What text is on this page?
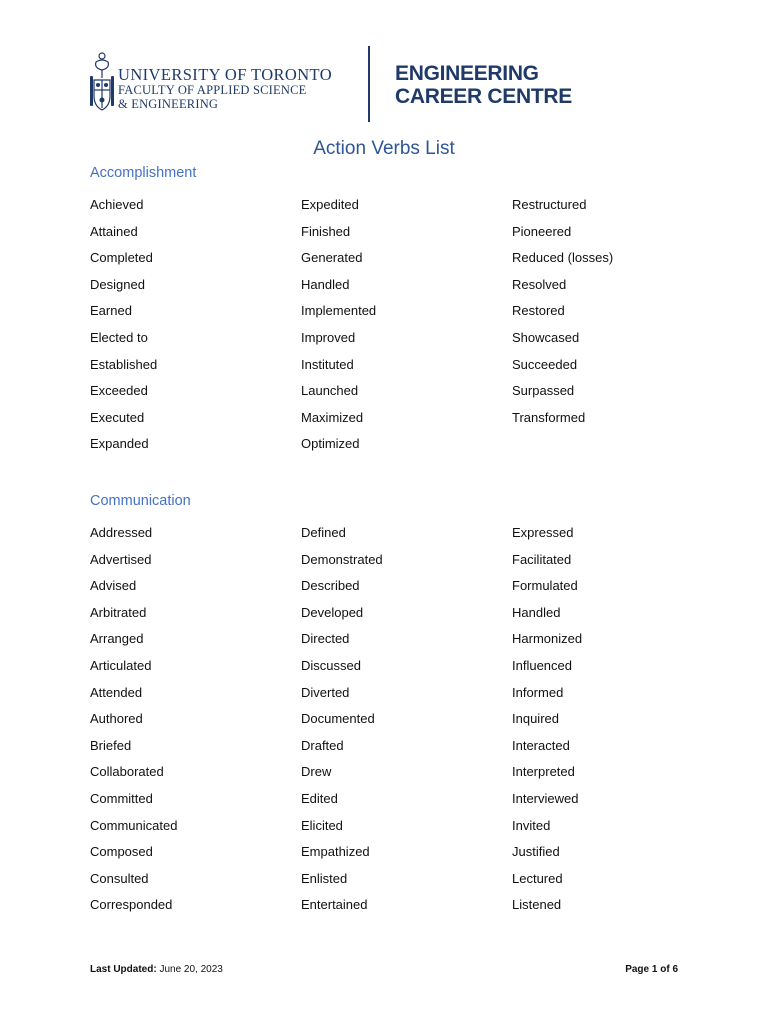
UNIVERSITY OF TORONTO
FACULTY OF APPLIED SCIENCE
& ENGINEERING
ENGINEERING
CAREER CENTRE
Action Verbs List
Accomplishment
Achieved
Attained
Completed
Designed
Earned
Elected to
Established
Exceeded
Executed
Expanded
Expedited
Finished
Generated
Handled
Implemented
Improved
Instituted
Launched
Maximized
Optimized
Restructured
Pioneered
Reduced (losses)
Resolved
Restored
Showcased
Succeeded
Surpassed
Transformed
Communication
Addressed
Advertised
Advised
Arbitrated
Arranged
Articulated
Attended
Authored
Briefed
Collaborated
Committed
Communicated
Composed
Consulted
Corresponded
Defined
Demonstrated
Described
Developed
Directed
Discussed
Diverted
Documented
Drafted
Drew
Edited
Elicited
Empathized
Enlisted
Entertained
Expressed
Facilitated
Formulated
Handled
Harmonized
Influenced
Informed
Inquired
Interacted
Interpreted
Interviewed
Invited
Justified
Lectured
Listened
Last Updated: June 20, 2023	Page 1 of 6
